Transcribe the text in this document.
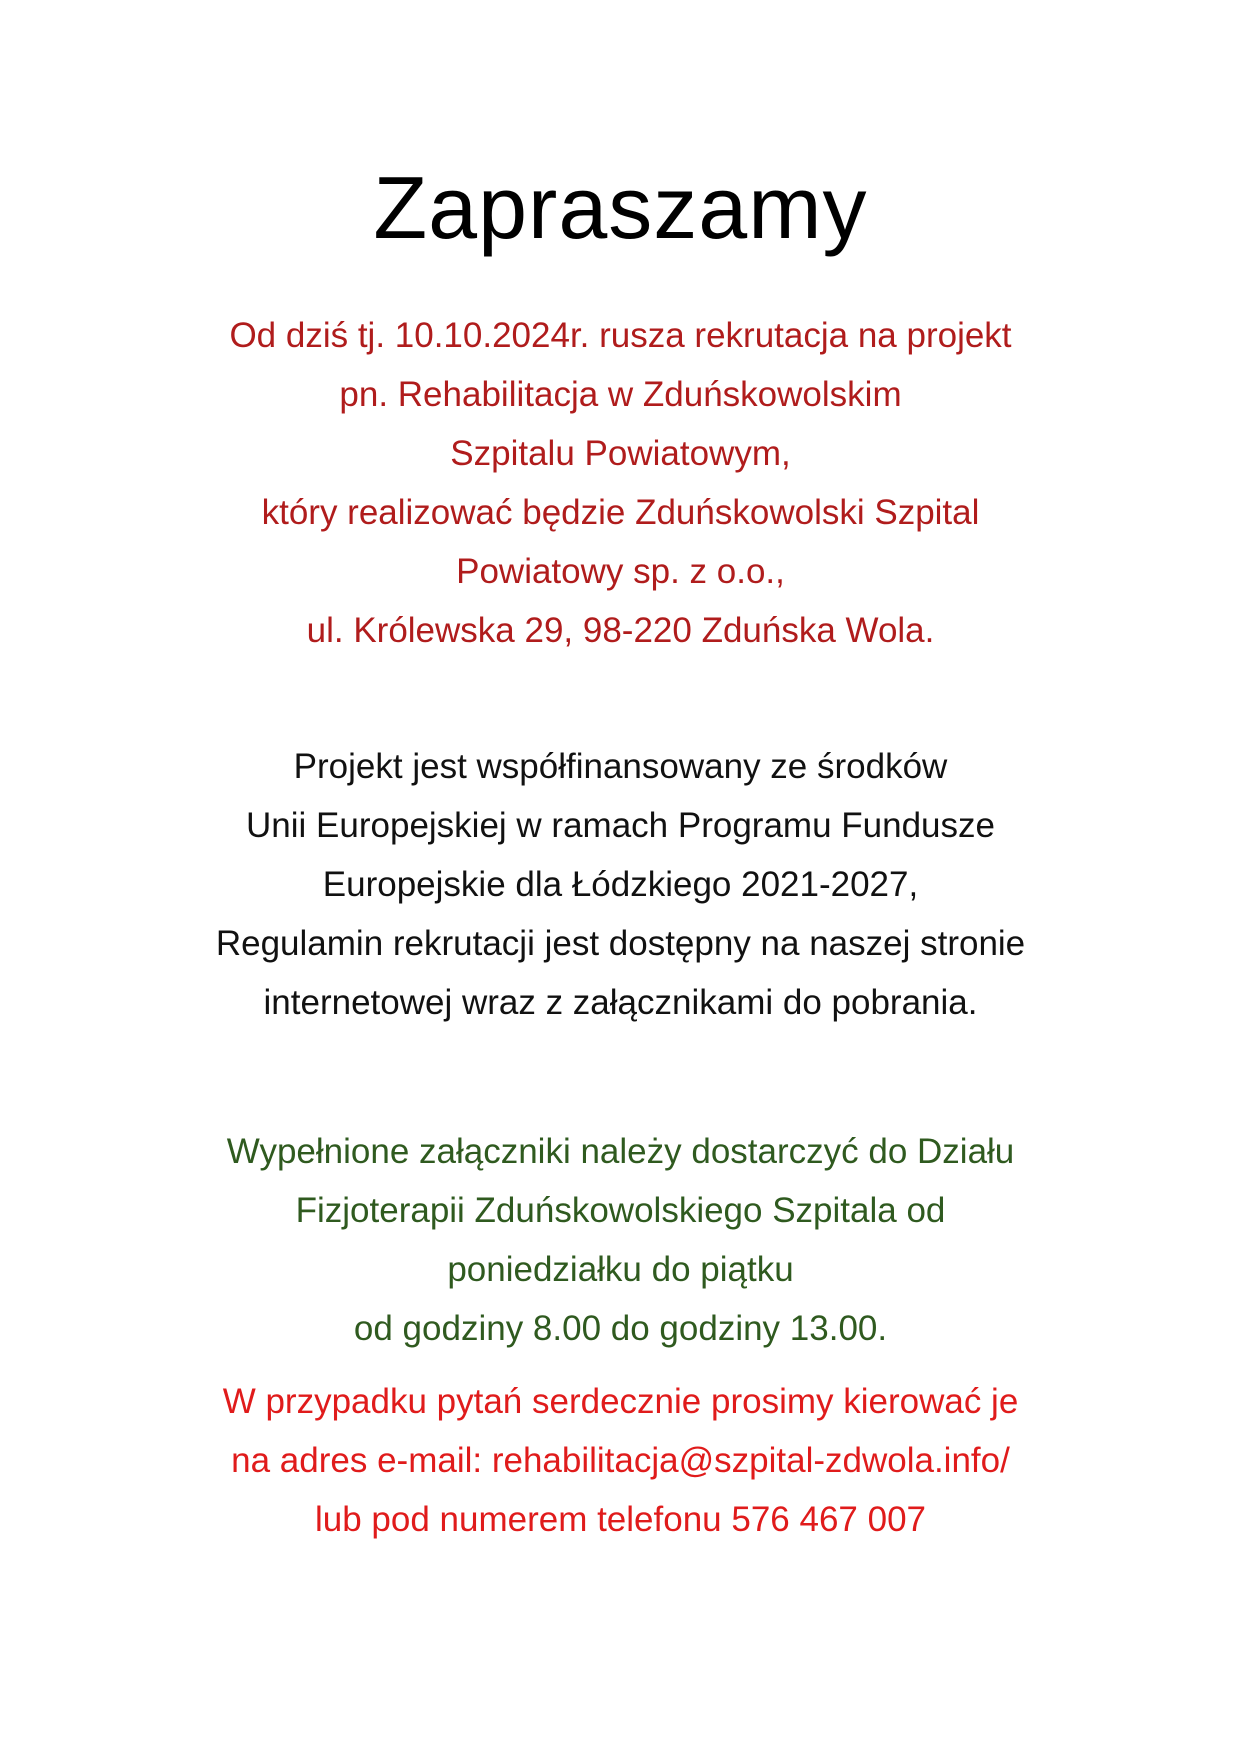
Zapraszamy

Od dziś tj. 10.10.2024r. rusza rekrutacja na projekt
pn. Rehabilitacja w Zduńskowolskim
Szpitalu Powiatowym,
który realizować będzie Zduńskowolski Szpital
Powiatowy sp. z o.o.,
ul. Królewska 29, 98-220 Zduńska Wola.

Projekt jest współfinansowany ze środków
Unii Europejskiej w ramach Programu Fundusze
Europejskie dla Łódzkiego 2021-2027,
Regulamin rekrutacji jest dostępny na naszej stronie
internetowej wraz z załącznikami do pobrania.

Wypełnione załączniki należy dostarczyć do Działu
Fizjoterapii Zduńskowolskiego Szpitala od
poniedziałku do piątku
od godziny 8.00 do godziny 13.00.

W przypadku pytań serdecznie prosimy kierować je
na adres e-mail: rehabilitacja@szpital-zdwola.info/
lub pod numerem telefonu 576 467 007
